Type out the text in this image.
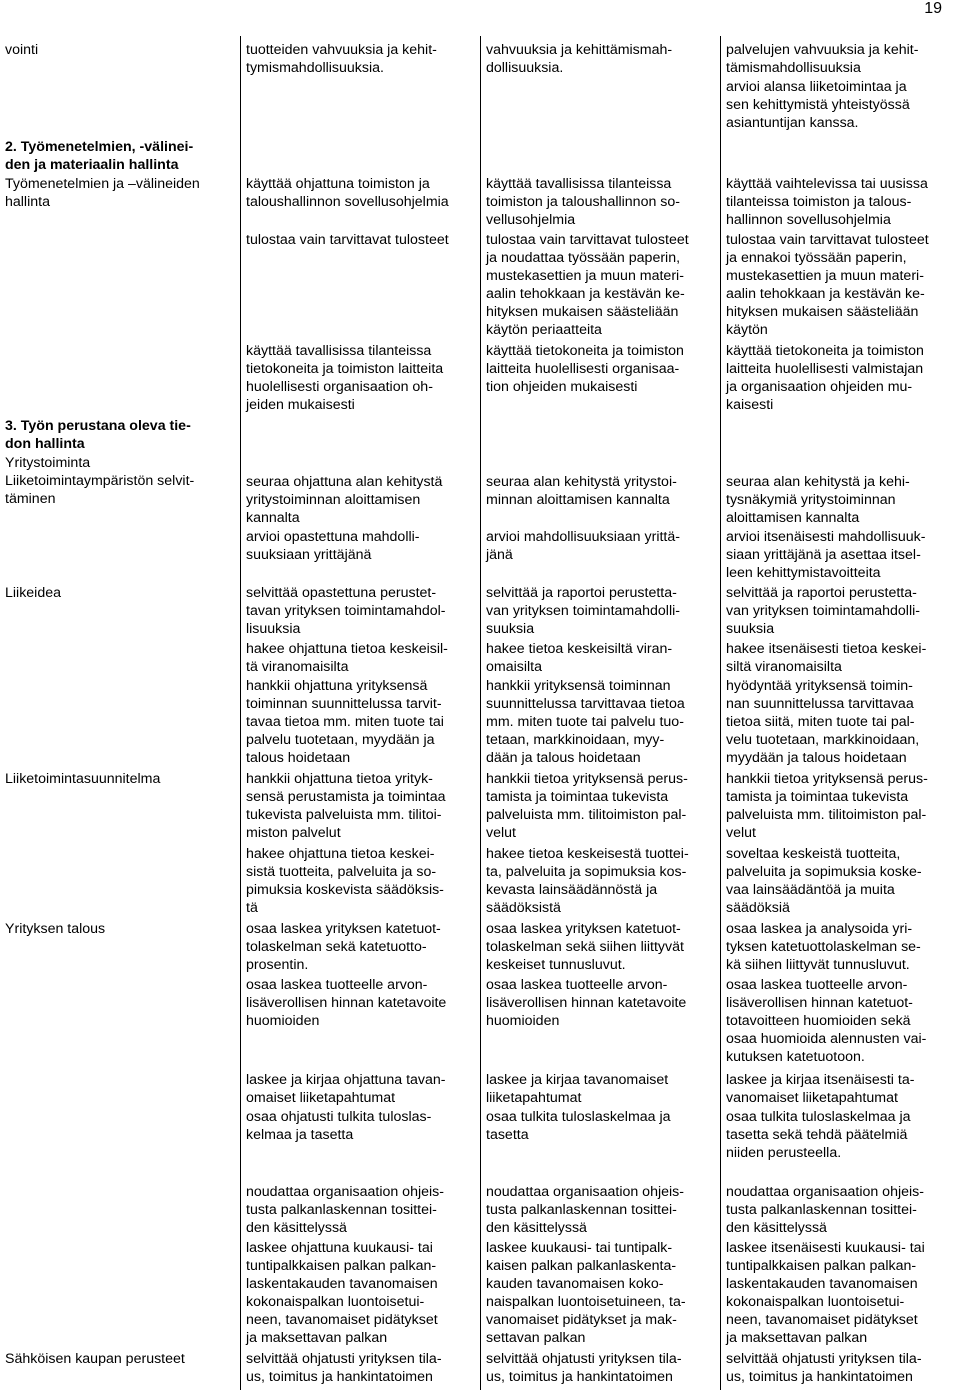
19
vointi
2. Työmenetelmien, -välinei-
den ja materiaalin hallinta
Työmenetelmien ja –välineiden
hallinta
3. Työn perustana oleva tie-
don hallinta
Yritystoiminta
Liiketoimintaympäristön selvit-
täminen
Liikeidea
Liiketoimintasuunnitelma
Yrityksen talous
Sähköisen kaupan perusteet
tuotteiden vahvuuksia ja kehit-
tymismahdollisuuksia.
käyttää ohjattuna toimiston ja
taloushallinnon sovellusohjelmia
tulostaa vain tarvittavat tulosteet
käyttää tavallisissa tilanteissa
tietokoneita ja toimiston laitteita
huolellisesti organisaation oh-
jeiden mukaisesti
seuraa ohjattuna alan kehitystä
yritystoiminnan aloittamisen
kannalta
arvioi opastettuna mahdolli-
suuksiaan yrittäjänä
selvittää opastettuna perustet-
tavan yrityksen toimintamahdol-
lisuuksia
hakee ohjattuna tietoa keskeisil-
tä viranomaisilta
hankkii ohjattuna yrityksensä
toiminnan suunnittelussa tarvit-
tavaa tietoa mm. miten tuote tai
palvelu tuotetaan, myydään ja
talous hoidetaan
hankkii ohjattuna tietoa yrityk-
sensä perustamista ja toimintaa
tukevista palveluista mm. tilitoi-
miston palvelut
hakee ohjattuna tietoa keskei-
sistä tuotteita, palveluita ja so-
pimuksia koskevista säädöksis-
tä
osaa laskea yrityksen katetuot-
tolaskelman sekä katetuotto-
prosentin.
osaa laskea tuotteelle arvon-
lisäverollisen hinnan katetavoite
huomioiden
laskee ja kirjaa ohjattuna tavan-
omaiset liiketapahtumat
osaa ohjatusti tulkita tuloslas-
kelmaa ja tasetta
noudattaa organisaation ohjeis-
tusta palkanlaskennan tosittei-
den käsittelyssä
laskee ohjattuna kuukausi- tai
tuntipalkkaisen palkan palkan-
laskentakauden tavanomaisen
kokonaispalkan luontoisetui-
neen, tavanomaiset pidätykset
ja maksettavan palkan
selvittää ohjatusti yrityksen tila-
us, toimitus ja hankintatoimen
vahvuuksia ja kehittämismah-
dollisuuksia.
käyttää tavallisissa tilanteissa
toimiston ja taloushallinnon so-
vellusohjelmia
tulostaa vain tarvittavat tulosteet
ja noudattaa työssään paperin,
mustekasettien ja muun materi-
aalin tehokkaan ja kestävän ke-
hityksen mukaisen säästeliään
käytön periaatteita
käyttää tietokoneita ja toimiston
laitteita huolellisesti organisaa-
tion ohjeiden mukaisesti
seuraa alan kehitystä yritystoi-
minnan aloittamisen kannalta
arvioi mahdollisuuksiaan yrittä-
jänä
selvittää ja raportoi perustetta-
van yrityksen toimintamahdolli-
suuksia
hakee tietoa keskeisiltä viran-
omaisilta
hankkii yrityksensä toiminnan
suunnittelussa tarvittavaa tietoa
mm. miten tuote tai palvelu tuo-
tetaan, markkinoidaan, myy-
dään ja talous hoidetaan
hankkii tietoa yrityksensä perus-
tamista ja toimintaa tukevista
palveluista mm. tilitoimiston pal-
velut
hakee tietoa keskeisestä tuottei-
ta, palveluita ja sopimuksia kos-
kevasta lainsäädännöstä ja
säädöksistä
osaa laskea yrityksen katetuot-
tolaskelman sekä siihen liittyvät
keskeiset tunnusluvut.
osaa laskea tuotteelle arvon-
lisäverollisen hinnan katetavoite
huomioiden
laskee ja kirjaa tavanomaiset
liiketapahtumat
osaa tulkita tuloslaskelmaa ja
tasetta
noudattaa organisaation ohjeis-
tusta palkanlaskennan tosittei-
den käsittelyssä
laskee kuukausi- tai tuntipalk-
kaisen palkan palkanlaskenta-
kauden tavanomaisen koko-
naispalkan luontoisetuineen, ta-
vanomaiset pidätykset ja mak-
settavan palkan
selvittää ohjatusti yrityksen tila-
us, toimitus ja hankintatoimen
palvelujen vahvuuksia ja kehit-
tämismahdollisuuksia
arvioi alansa liiketoimintaa ja
sen kehittymistä yhteistyössä
asiantuntijan kanssa.
käyttää vaihtelevissa tai uusissa
tilanteissa toimiston ja talous-
hallinnon sovellusohjelmia
tulostaa vain tarvittavat tulosteet
ja ennakoi työssään paperin,
mustekasettien ja muun materi-
aalin tehokkaan ja kestävän ke-
hityksen mukaisen säästeliään
käytön
käyttää tietokoneita ja toimiston
laitteita huolellisesti valmistajan
ja organisaation ohjeiden mu-
kaisesti
seuraa alan kehitystä ja kehi-
tysnäkymiä yritystoiminnan
aloittamisen kannalta
arvioi itsenäisesti mahdollisuuk-
siaan yrittäjänä ja asettaa itsel-
leen kehittymistavoitteita
selvittää ja raportoi perustetta-
van yrityksen toimintamahdolli-
suuksia
hakee itsenäisesti tietoa keskei-
siltä viranomaisilta
hyödyntää yrityksensä toimin-
nan suunnittelussa tarvittavaa
tietoa siitä, miten tuote tai pal-
velu tuotetaan, markkinoidaan,
myydään ja talous hoidetaan
hankkii tietoa yrityksensä perus-
tamista ja toimintaa tukevista
palveluista mm. tilitoimiston pal-
velut
soveltaa keskeistä tuotteita,
palveluita ja sopimuksia koske-
vaa lainsäädäntöä ja muita
säädöksiä
osaa laskea ja analysoida yri-
tyksen katetuottolaskelman se-
kä siihen liittyvät tunnusluvut.
osaa laskea tuotteelle arvon-
lisäverollisen hinnan katetuot-
totavoitteen huomioiden sekä
osaa huomioida alennusten vai-
kutuksen katetuotoon.
laskee ja kirjaa itsenäisesti ta-
vanomaiset liiketapahtumat
osaa tulkita tuloslaskelmaa ja
tasetta sekä tehdä päätelmiä
niiden perusteella.
noudattaa organisaation ohjeis-
tusta palkanlaskennan tosittei-
den käsittelyssä
laskee itsenäisesti kuukausi- tai
tuntipalkkaisen palkan palkan-
laskentakauden tavanomaisen
kokonaispalkan luontoisetui-
neen, tavanomaiset pidätykset
ja maksettavan palkan
selvittää ohjatusti yrityksen tila-
us, toimitus ja hankintatoimen
